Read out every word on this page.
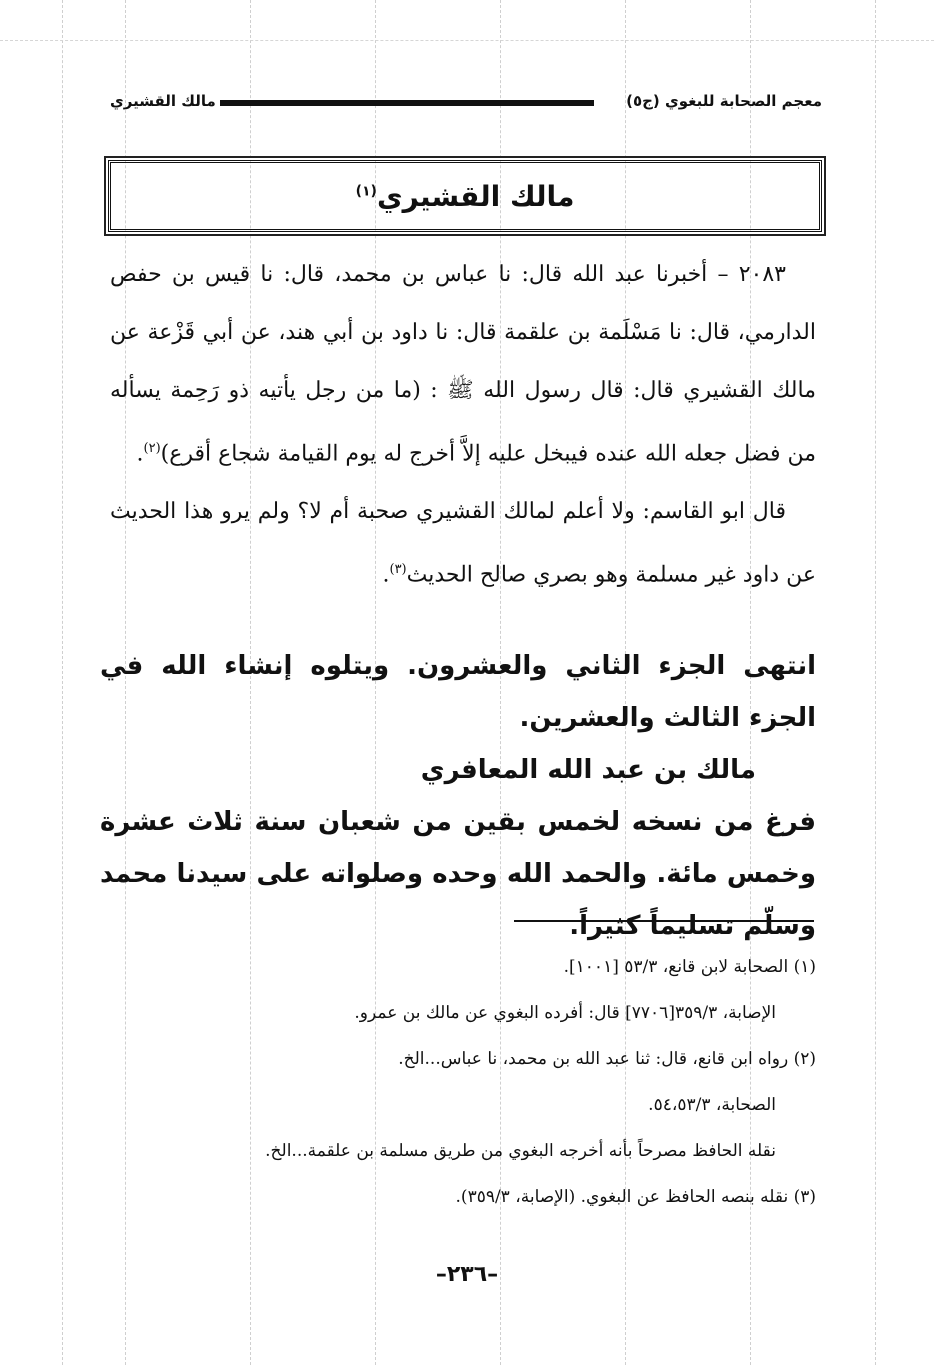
معجم الصحابة للبغوي (ج٥)
مالك القشيري
مالك القشيري$^{(١)}$

٢٠٨٣ – أخبرنا عبد الله قال: نا عباس بن محمد، قال: نا قيس بن حفص الدارمي، قال: نا مَسْلَمة بن علقمة قال: نا داود بن أبي هند، عن أبي قَزْعة عن مالك القشيري قال: قال رسول الله ﷺ : (ما من رجل يأتيه ذو رَحِمة يسأله من فضل جعله الله عنده فيبخل عليه إلاَّ أخرج له يوم القيامة شجاع أقرع)$^{(٢)}$.

قال ابو القاسم: ولا أعلم لمالك القشيري صحبة أم لا؟ ولم يرو هذا الحديث عن داود غير مسلمة وهو بصري صالح الحديث$^{(٣)}$.

انتهى الجزء الثاني والعشرون. ويتلوه إنشاء الله في الجزء الثالث والعشرين.

مالك بن عبد الله المعافري

فرغ من نسخه لخمس بقين من شعبان سنة ثلاث عشرة وخمس مائة. والحمد الله وحده وصلواته على سيدنا محمد وسلّم تسليماً كثيراً.

(١) الصحابة لابن قانع، ٥٣/٣ [١٠٠١].

الإصابة، ٣٥٩/٣[٧٧٠٦] قال: أفرده البغوي عن مالك بن عمرو.

(٢) رواه ابن قانع، قال: ثنا عبد الله بن محمد، نا عباس...الخ.

الصحابة، ٥٤،٥٣/٣.

نقله الحافظ مصرحاً بأنه أخرجه البغوي من طريق مسلمة بن علقمة...الخ.

(٣) نقله بنصه الحافظ عن البغوي. (الإصابة، ٣٥٩/٣).

–٢٣٦–
